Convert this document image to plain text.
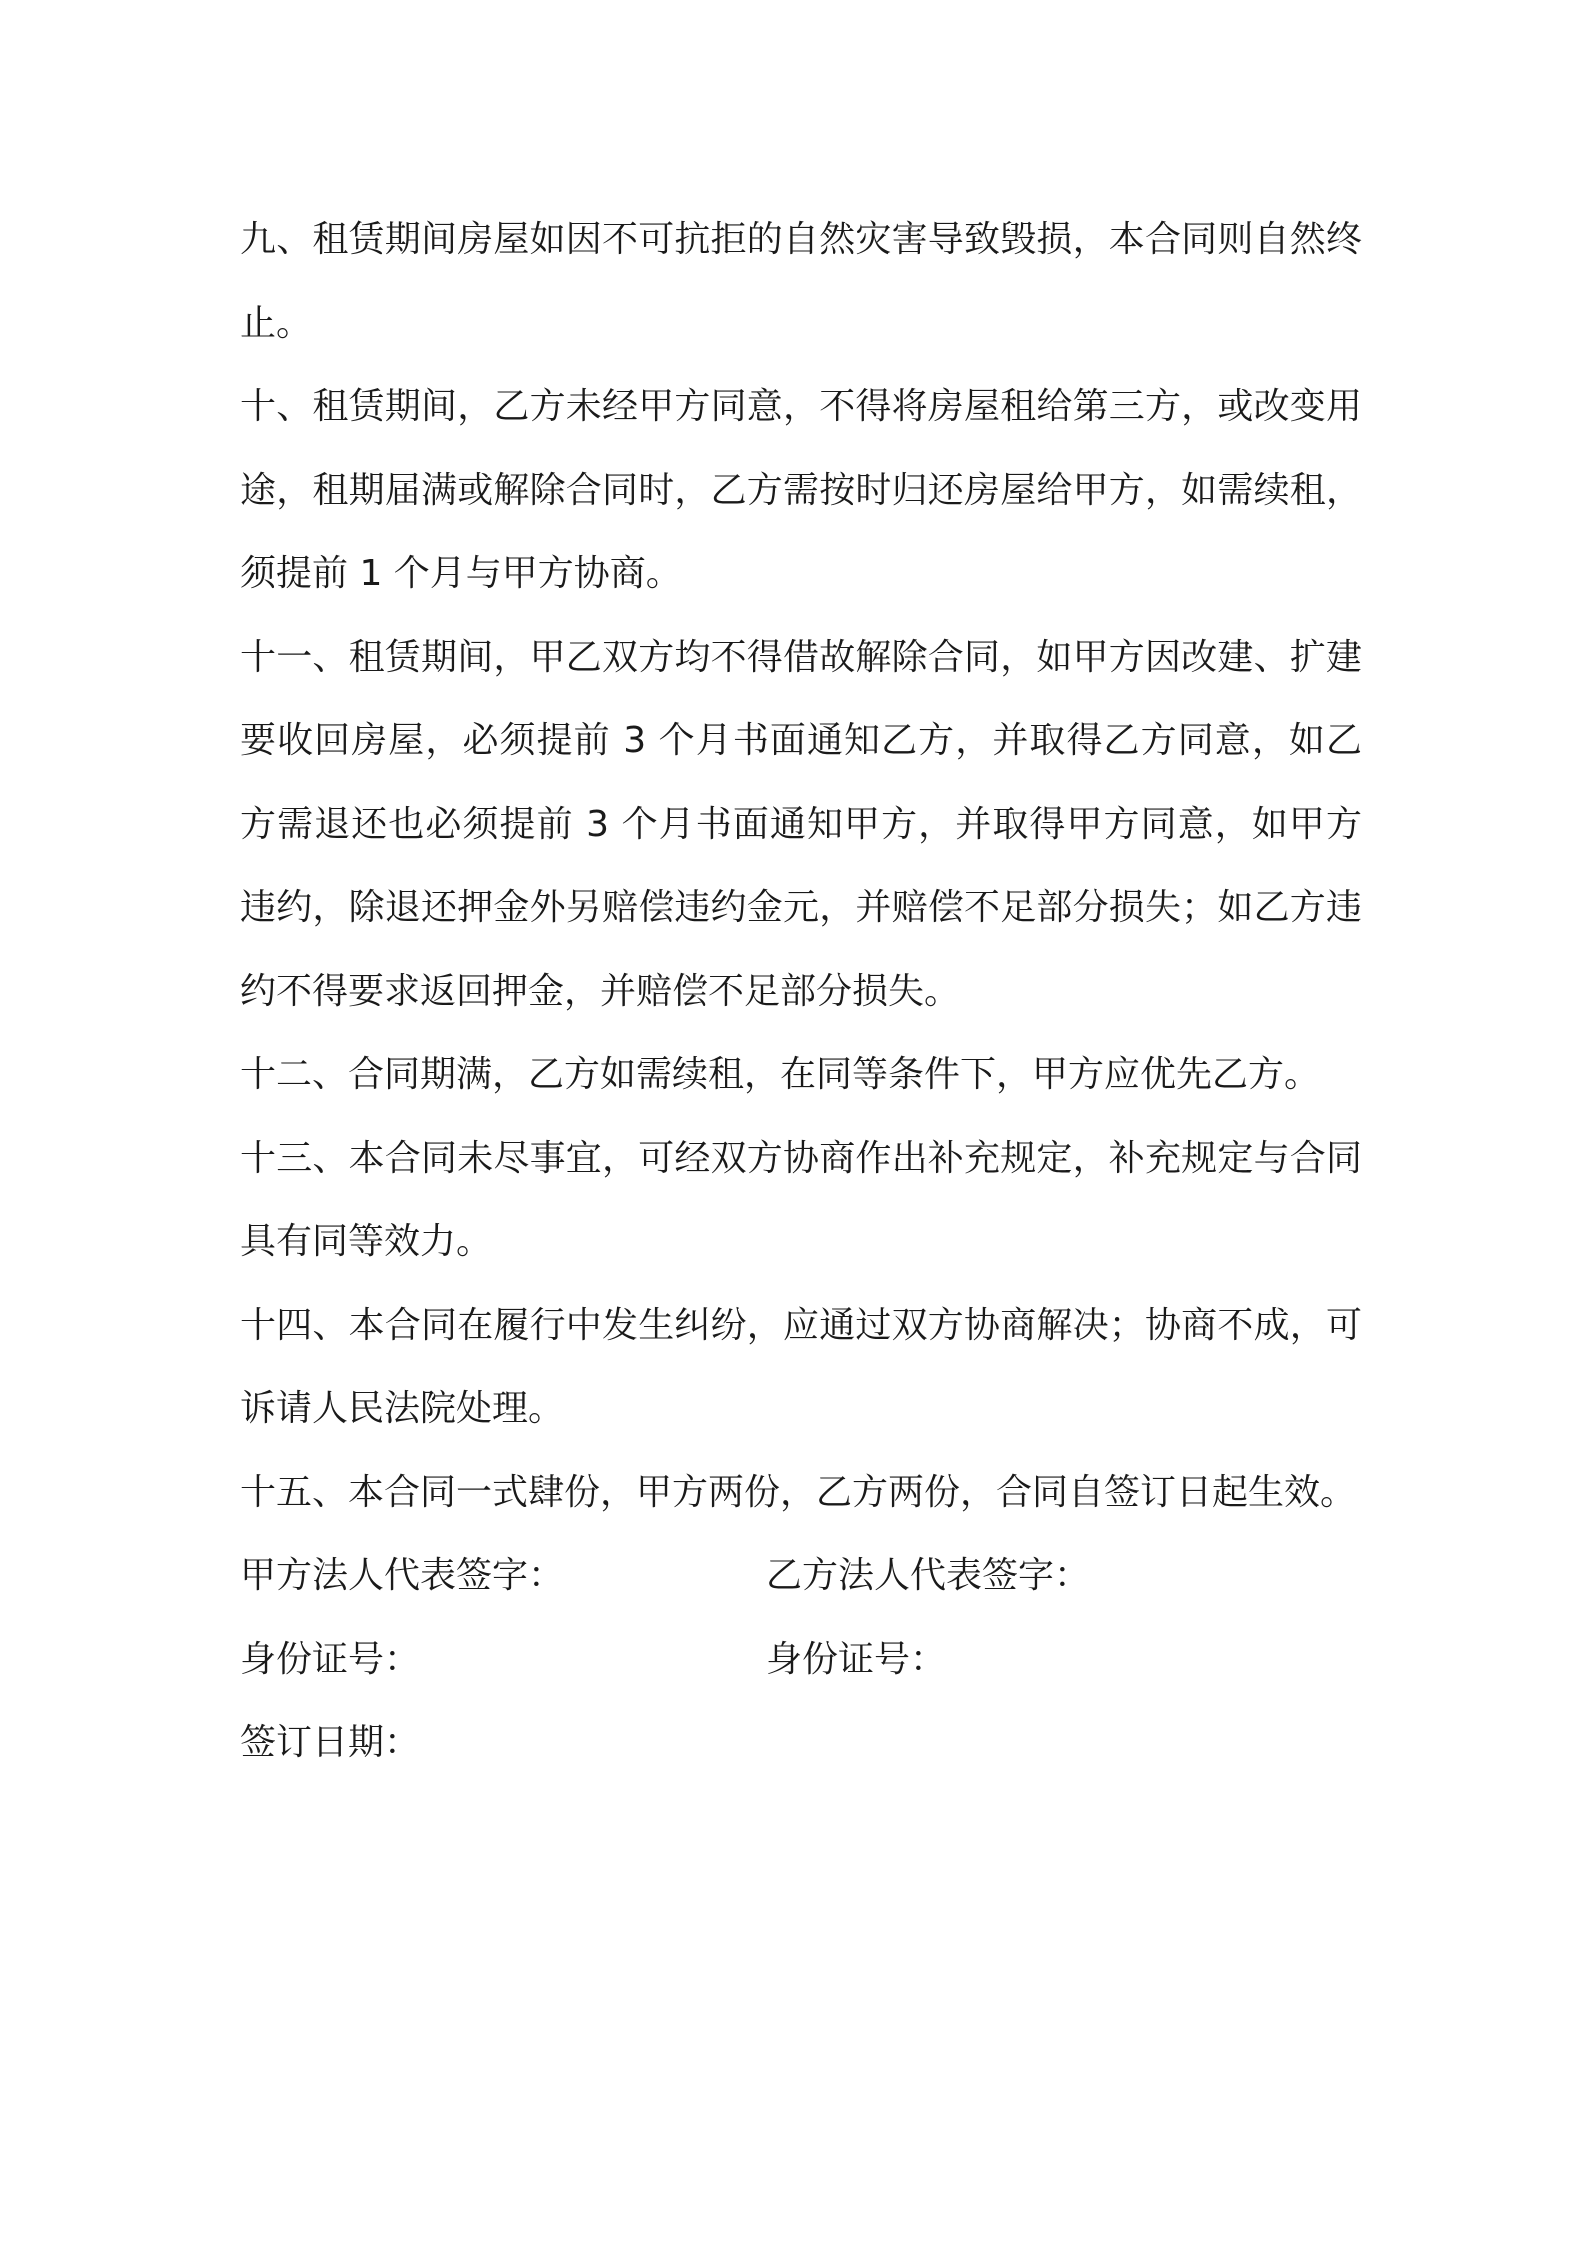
九、租赁期间房屋如因不可抗拒的自然灾害导致毁损，本合同则自然终止。

十、租赁期间，乙方未经甲方同意，不得将房屋租给第三方，或改变用途，租期届满或解除合同时，乙方需按时归还房屋给甲方，如需续租，须提前 1 个月与甲方协商。

十一、租赁期间，甲乙双方均不得借故解除合同，如甲方因改建、扩建要收回房屋，必须提前 3 个月书面通知乙方，并取得乙方同意，如乙方需退还也必须提前 3 个月书面通知甲方，并取得甲方同意，如甲方违约，除退还押金外另赔偿违约金元，并赔偿不足部分损失；如乙方违约不得要求返回押金，并赔偿不足部分损失。

十二、合同期满，乙方如需续租，在同等条件下，甲方应优先乙方。

十三、本合同未尽事宜，可经双方协商作出补充规定，补充规定与合同具有同等效力。

十四、本合同在履行中发生纠纷，应通过双方协商解决；协商不成，可诉请人民法院处理。

十五、本合同一式肆份，甲方两份，乙方两份，合同自签订日起生效。

甲方法人代表签字：	乙方法人代表签字：
身份证号：	身份证号：
签订日期：
